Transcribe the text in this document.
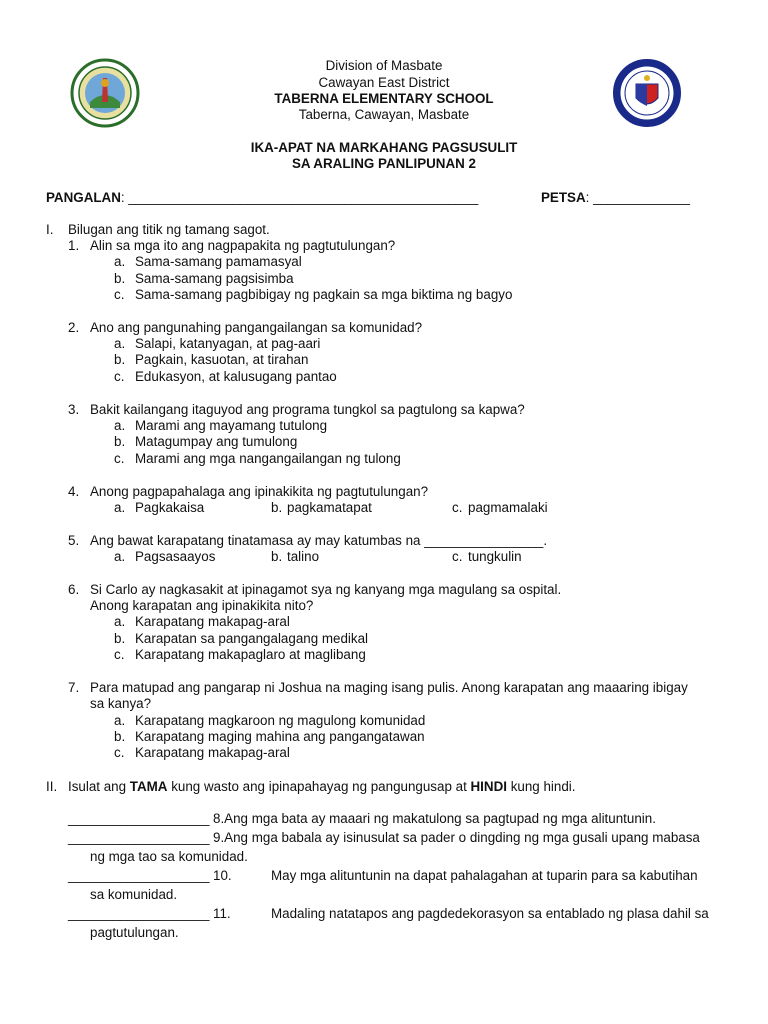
Division of Masbate
Cawayan East District
TABERNA ELEMENTARY SCHOOL
Taberna, Cawayan, Masbate
IKA-APAT NA MARKAHANG PAGSUSULIT
SA ARALING PANLIPUNAN 2
PANGALAN: _______________________________________________	PETSA: _____________
I. Bilugan ang titik ng tamang sagot.
1. Alin sa mga ito ang nagpapakita ng pagtutulungan?
a. Sama-samang pamamasyal
b. Sama-samang pagsisimba
c. Sama-samang pagbibigay ng pagkain sa mga biktima ng bagyo
2. Ano ang pangunahing pangangailangan sa komunidad?
a. Salapi, katanyagan, at pag-aari
b. Pagkain, kasuotan, at tirahan
c. Edukasyon, at kalusugang pantao
3. Bakit kailangang itaguyod ang programa tungkol sa pagtulong sa kapwa?
a. Marami ang mayamang tutulong
b. Matagumpay ang tumulong
c. Marami ang mga nangangailangan ng tulong
4. Anong pagpapahalaga ang ipinakikita ng pagtutulungan?
a. Pagkakaisa	b. pagkamatapat	c. pagmamalaki
5. Ang bawat karapatang tinatamasa ay may katumbas na ________________.
a. Pagsasaayos	b. talino	c. tungkulin
6. Si Carlo ay nagkasakit at ipinagamot sya ng kanyang mga magulang sa ospital.
Anong karapatan ang ipinakikita nito?
a. Karapatang makapag-aral
b. Karapatan sa pangangalagang medikal
c. Karapatang makapaglaro at maglibang
7. Para matupad ang pangarap ni Joshua na maging isang pulis. Anong karapatan ang maaaring ibigay
sa kanya?
a. Karapatang magkaroon ng magulong komunidad
b. Karapatang maging mahina ang pangangatawan
c. Karapatang makapag-aral
II. Isulat ang TAMA kung wasto ang ipinapahayag ng pangungusap at HINDI kung hindi.
___________________ 8.Ang mga bata ay maaari ng makatulong sa pagtupad ng mga alituntunin.
___________________ 9.Ang mga babala ay isinusulat sa pader o dingding ng mga gusali upang mabasa
ng mga tao sa komunidad.
___________________ 10.	May mga alituntunin na dapat pahalagahan at tuparin para sa kabutihan
sa komunidad.
___________________ 11.	Madaling natatapos ang pagdedekorasyon sa entablado ng plasa dahil sa
pagtutulungan.
